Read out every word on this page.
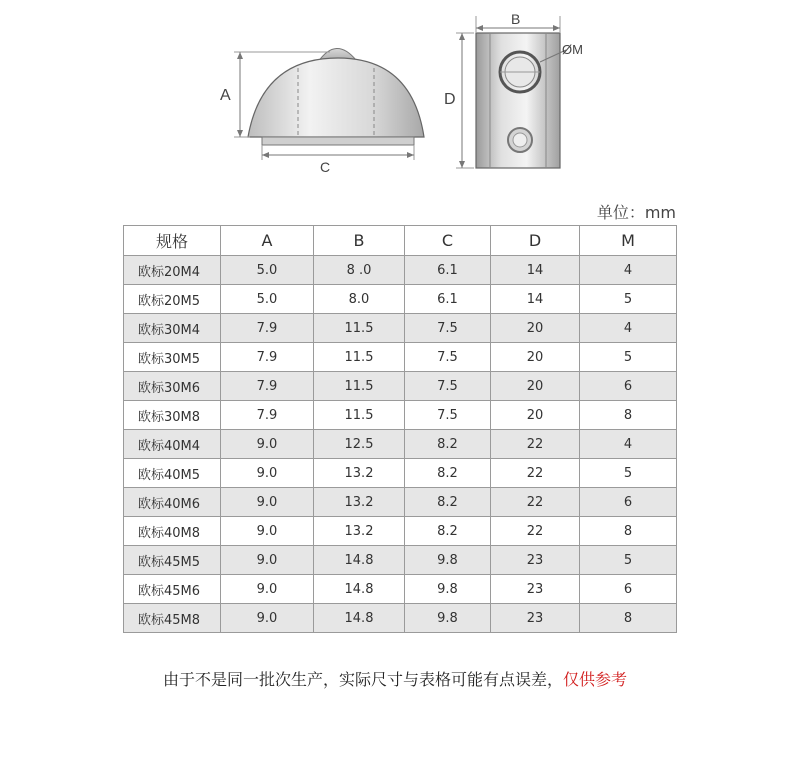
A
C
B
ØM
D
单位：mm
规格	A	B	C	D	M
欧标20M4	5.0	8 .0	6.1	14	4
欧标20M5	5.0	8.0	6.1	14	5
欧标30M4	7.9	11.5	7.5	20	4
欧标30M5	7.9	11.5	7.5	20	5
欧标30M6	7.9	11.5	7.5	20	6
欧标30M8	7.9	11.5	7.5	20	8
欧标40M4	9.0	12.5	8.2	22	4
欧标40M5	9.0	13.2	8.2	22	5
欧标40M6	9.0	13.2	8.2	22	6
欧标40M8	9.0	13.2	8.2	22	8
欧标45M5	9.0	14.8	9.8	23	5
欧标45M6	9.0	14.8	9.8	23	6
欧标45M8	9.0	14.8	9.8	23	8
由于不是同一批次生产，实际尺寸与表格可能有点误差，仅供参考
